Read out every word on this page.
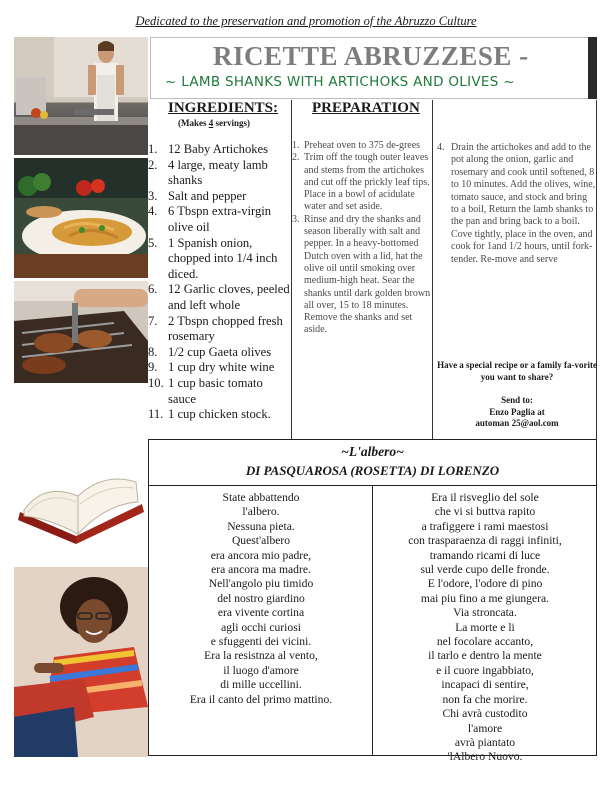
Dedicated to the preservation and promotion of the Abruzzo Culture
RICETTE ABRUZZESE -
~ LAMB SHANKS WITH ARTICHOKS AND OLIVES ~
INGREDIENTS:
(Makes 4 servings)
1. 12 Baby Artichokes
2. 4 large, meaty lamb shanks
3. Salt and pepper
4. 6 Tbspn extra-virgin olive oil
5. 1 Spanish onion, chopped into 1/4 inch diced.
6. 12 Garlic cloves, peeled and left whole
7. 2 Tbspn chopped fresh rosemary
8. 1/2 cup Gaeta olives
9. 1 cup dry white wine
10. 1 cup basic tomato sauce
11. 1 cup chicken stock.
PREPARATION
1. Preheat oven to 375 de-grees
2. Trim off the tough outer leaves and stems from the artichokes and cut off the prickly leaf tips. Place in a bowl of acidulate water and set aside.
3. Rinse and dry the shanks and season liberally with salt and pepper. In a heavy-bottomed Dutch oven with a lid, hat the olive oil until smoking over medium-high heat. Sear the shanks until dark golden brown all over, 15 to 18 minutes. Remove the shanks and set aside.
4. Drain the artichokes and add to the pot along the onion, garlic and rosemary and cook until softened, 8 to 10 minutes. Add the olives, wine, tomato sauce, and stock and bring to a boil, Return the lamb shanks to the pan and bring back to a boil. Cove tightly, place in the oven, and cook for 1and 1/2 hours, until fork-tender. Re-move and serve
Have a special recipe or a family fa-vorite you want to share?
Send to:
Enzo Paglia at
automan 25@aol.com
~L'albero~
DI PASQUAROSA (ROSETTA) DI LORENZO
State abbattendo
l'albero.
Nessuna pieta.
Quest'albero
era ancora mio padre,
era ancora ma madre.
Nell'angolo piu timido
del nostro giardino
era vivente cortina
agli occhi curiosi
e sfuggenti dei vicini.
Era la resistnza al vento,
il luogo d'amore
di mille uccellini.
Era il canto del primo mattino.
Era il risveglio del sole
che vi si buttva rapito
a trafiggere i rami maestosi
con trasparaenza di raggi infiniti,
tramando ricami di luce
sul verde cupo delle fronde.
E l'odore, l'odore di pino
mai piu fino a me giungera.
Via stroncata.
La morte e li
nel focolare accanto,
il tarlo e dentro la mente
e il cuore ingabbiato,
incapaci di sentire,
non fa che morire.
Chi avrà custodito
l'amore
avrà piantato
'lAlbero Nuovo.
